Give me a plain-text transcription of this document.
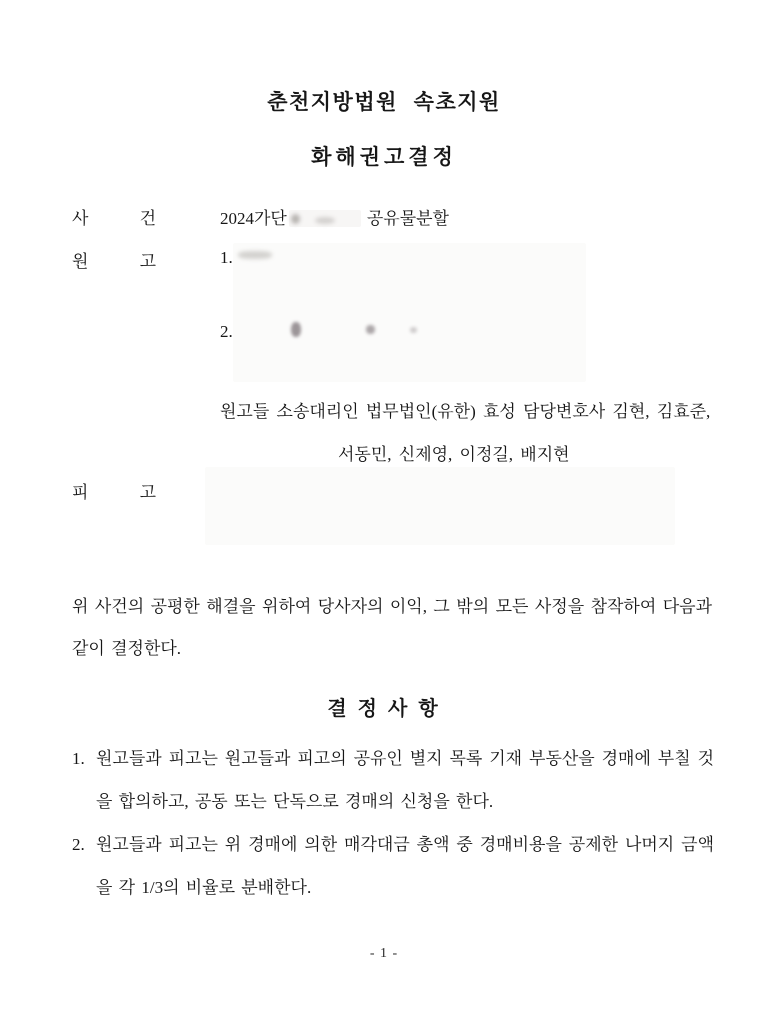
춘천지방법원 속초지원
화해권고결정
사	건	2024가단	공유물분할
원	고	1.
2.
원고들 소송대리인 법무법인(유한) 효성 담당변호사 김현, 김효준,
서동민, 신제영, 이정길, 배지현
피	고
위 사건의 공평한 해결을 위하여 당사자의 이익, 그 밖의 모든 사정을 참작하여 다음과 같이 결정한다.
결 정 사 항
1. 원고들과 피고는 원고들과 피고의 공유인 별지 목록 기재 부동산을 경매에 부칠 것을 합의하고, 공동 또는 단독으로 경매의 신청을 한다.
2. 원고들과 피고는 위 경매에 의한 매각대금 총액 중 경매비용을 공제한 나머지 금액을 각 1/3의 비율로 분배한다.
- 1 -
